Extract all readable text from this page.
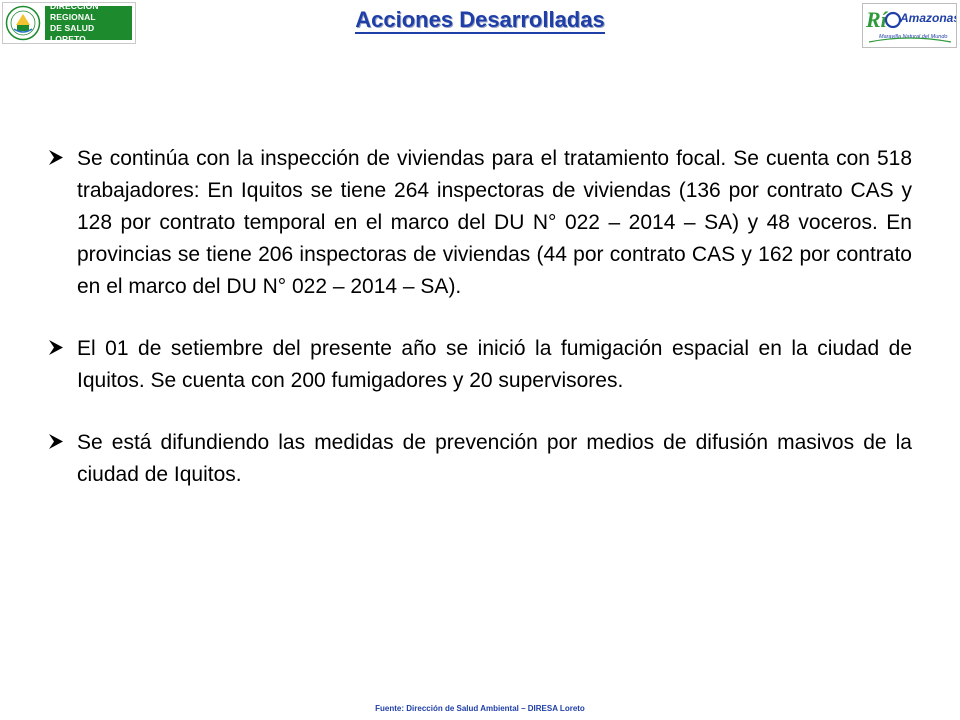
DIRECCIÓN REGIONAL
DE SALUD LORETO
Acciones Desarrolladas	Rí Amazonas
Maravilla Natural del Mundo

Se continúa con la inspección de viviendas para el tratamiento focal. Se cuenta con 518 trabajadores: En Iquitos se tiene 264 inspectoras de viviendas (136 por contrato CAS y 128 por contrato temporal en el marco del DU N° 022 – 2014 – SA) y 48 voceros. En provincias se tiene 206 inspectoras de viviendas (44 por contrato CAS y 162 por contrato en el marco del DU N° 022 – 2014 – SA).

El 01 de setiembre del presente año se inició la fumigación espacial en la ciudad de Iquitos. Se cuenta con 200 fumigadores y 20 supervisores.

Se está difundiendo las medidas de prevención por medios de difusión masivos de la ciudad de Iquitos.

Fuente: Dirección de Salud Ambiental – DIRESA Loreto
